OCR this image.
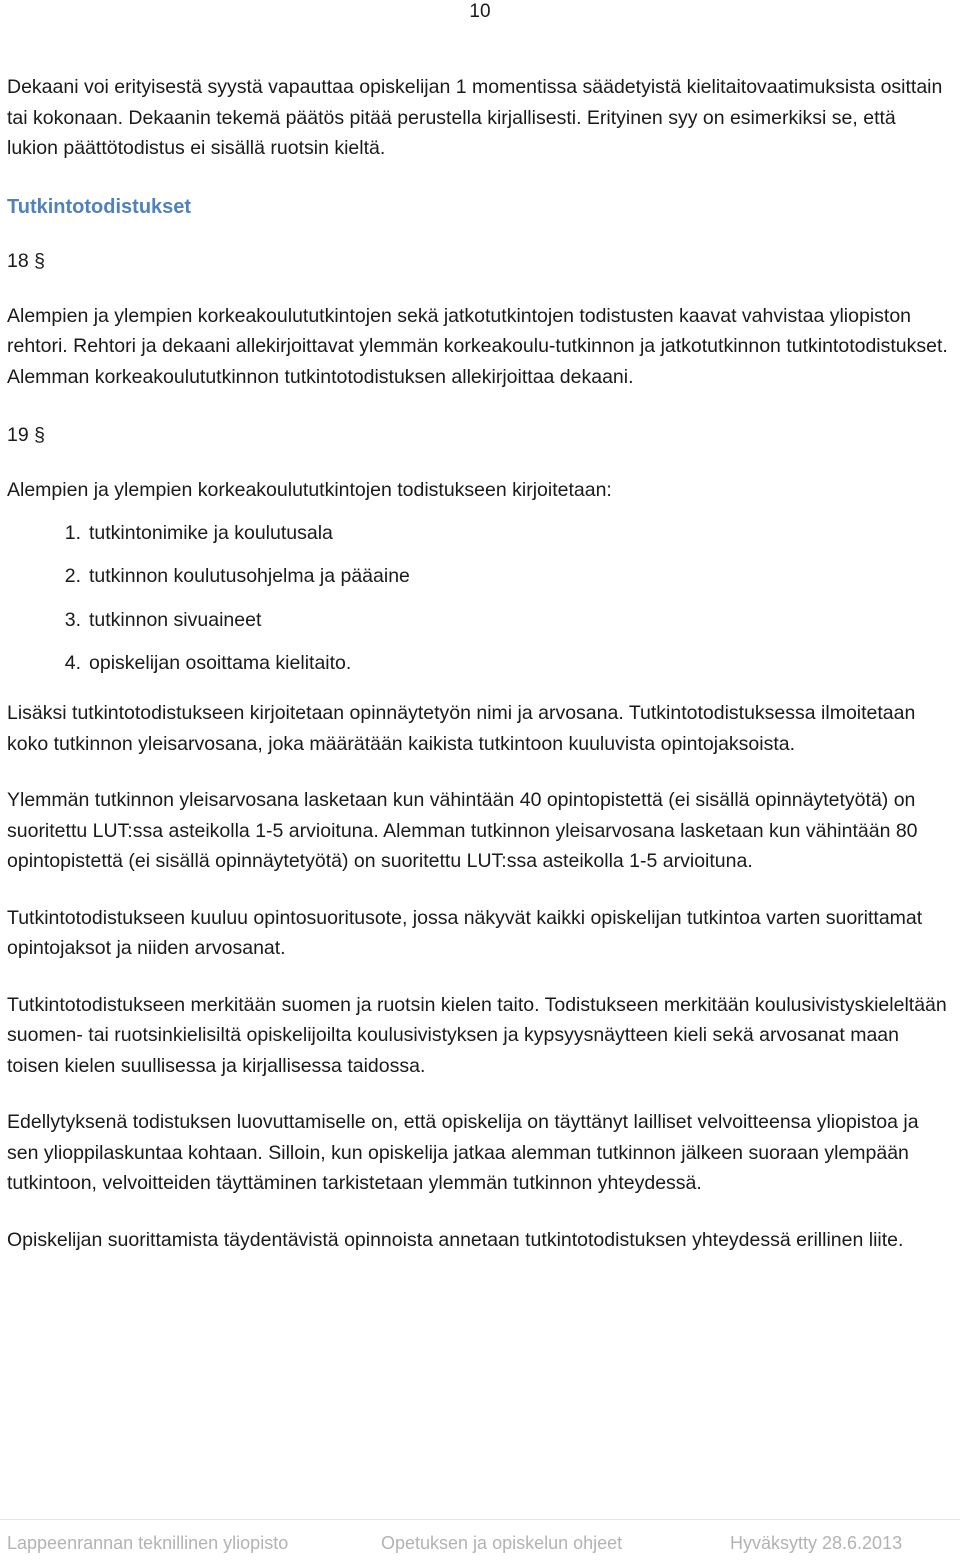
10

Dekaani voi erityisestä syystä vapauttaa opiskelijan 1 momentissa säädetyistä kielitaitovaatimuksista osittain tai kokonaan. Dekaanin tekemä päätös pitää perustella kirjallisesti. Erityinen syy on esimerkiksi se, että lukion päättötodistus ei sisällä ruotsin kieltä.

Tutkintotodistukset

18 §

Alempien ja ylempien korkeakoulututkintojen sekä jatkotutkintojen todistusten kaavat vahvistaa yliopiston rehtori. Rehtori ja dekaani allekirjoittavat ylemmän korkeakoulu-tutkinnon ja jatkotutkinnon tutkintotodistukset. Alemman korkeakoulututkinnon tutkintotodistuksen allekirjoittaa dekaani.

19 §

Alempien ja ylempien korkeakoulututkintojen todistukseen kirjoitetaan:

1. tutkintonimike ja koulutusala
2. tutkinnon koulutusohjelma ja pääaine
3. tutkinnon sivuaineet
4. opiskelijan osoittama kielitaito.

Lisäksi tutkintotodistukseen kirjoitetaan opinnäytetyön nimi ja arvosana. Tutkintotodistuksessa ilmoitetaan koko tutkinnon yleisarvosana, joka määrätään kaikista tutkintoon kuuluvista opintojaksoista.

Ylemmän tutkinnon yleisarvosana lasketaan kun vähintään 40 opintopistettä (ei sisällä opinnäytetyötä) on suoritettu LUT:ssa asteikolla 1-5 arvioituna. Alemman tutkinnon yleisarvosana lasketaan kun vähintään 80 opintopistettä (ei sisällä opinnäytetyötä) on suoritettu LUT:ssa asteikolla 1-5 arvioituna.

Tutkintotodistukseen kuuluu opintosuoritusote, jossa näkyvät kaikki opiskelijan tutkintoa varten suorittamat opintojaksot ja niiden arvosanat.

Tutkintotodistukseen merkitään suomen ja ruotsin kielen taito. Todistukseen merkitään koulusivistyskieleltään suomen- tai ruotsinkielisiltä opiskelijoilta koulusivistyksen ja kypsyysnäytteen kieli sekä arvosanat maan toisen kielen suullisessa ja kirjallisessa taidossa.

Edellytyksenä todistuksen luovuttamiselle on, että opiskelija on täyttänyt lailliset velvoitteensa yliopistoa ja sen ylioppilaskuntaa kohtaan. Silloin, kun opiskelija jatkaa alemman tutkinnon jälkeen suoraan ylempään tutkintoon, velvoitteiden täyttäminen tarkistetaan ylemmän tutkinnon yhteydessä.

Opiskelijan suorittamista täydentävistä opinnoista annetaan tutkintotodistuksen yhteydessä erillinen liite.

Lappeenrannan teknillinen yliopisto	Opetuksen ja opiskelun ohjeet	Hyväksytty 28.6.2013
